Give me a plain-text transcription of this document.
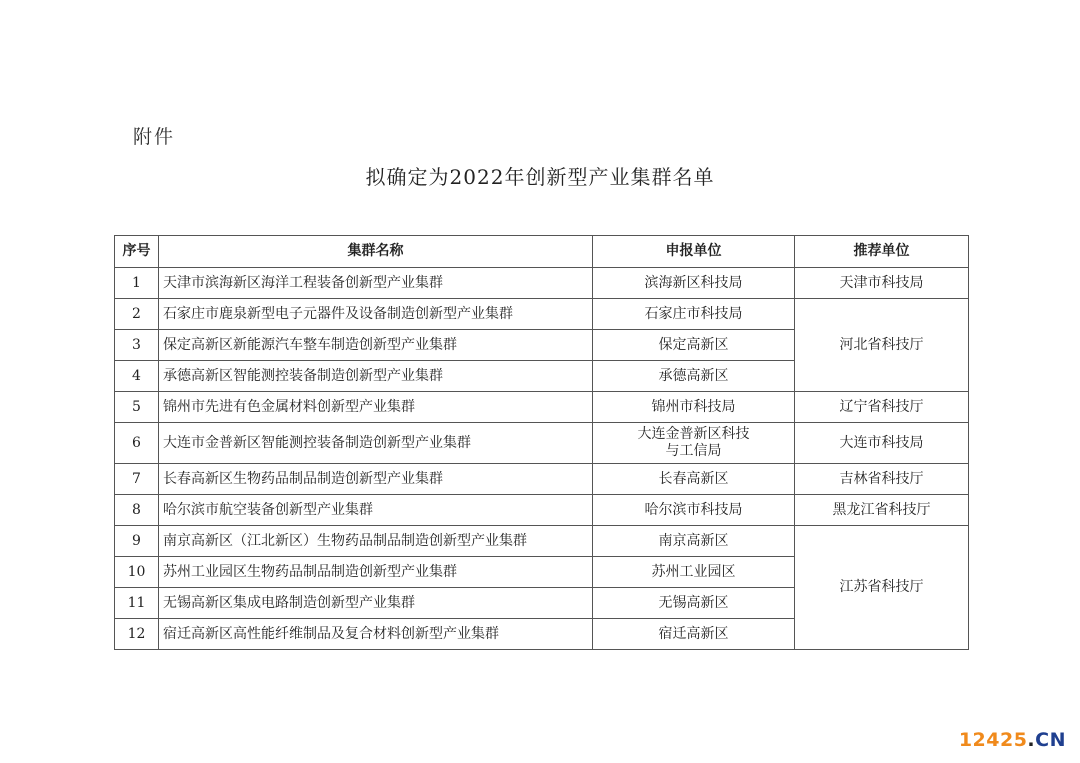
附件
拟确定为2022年创新型产业集群名单
序号	集群名称	申报单位	推荐单位
1	天津市滨海新区海洋工程装备创新型产业集群	滨海新区科技局	天津市科技局
2	石家庄市鹿泉新型电子元器件及设备制造创新型产业集群	石家庄市科技局	河北省科技厅
3	保定高新区新能源汽车整车制造创新型产业集群	保定高新区	
4	承德高新区智能测控装备制造创新型产业集群	承德高新区	
5	锦州市先进有色金属材料创新型产业集群	锦州市科技局	辽宁省科技厅
6	大连市金普新区智能测控装备制造创新型产业集群	大连金普新区科技
与工信局	大连市科技局
7	长春高新区生物药品制品制造创新型产业集群	长春高新区	吉林省科技厅
8	哈尔滨市航空装备创新型产业集群	哈尔滨市科技局	黑龙江省科技厅
9	南京高新区（江北新区）生物药品制品制造创新型产业集群	南京高新区	江苏省科技厅
10	苏州工业园区生物药品制品制造创新型产业集群	苏州工业园区	
11	无锡高新区集成电路制造创新型产业集群	无锡高新区	
12	宿迁高新区高性能纤维制品及复合材料创新型产业集群	宿迁高新区	
12425.CN
